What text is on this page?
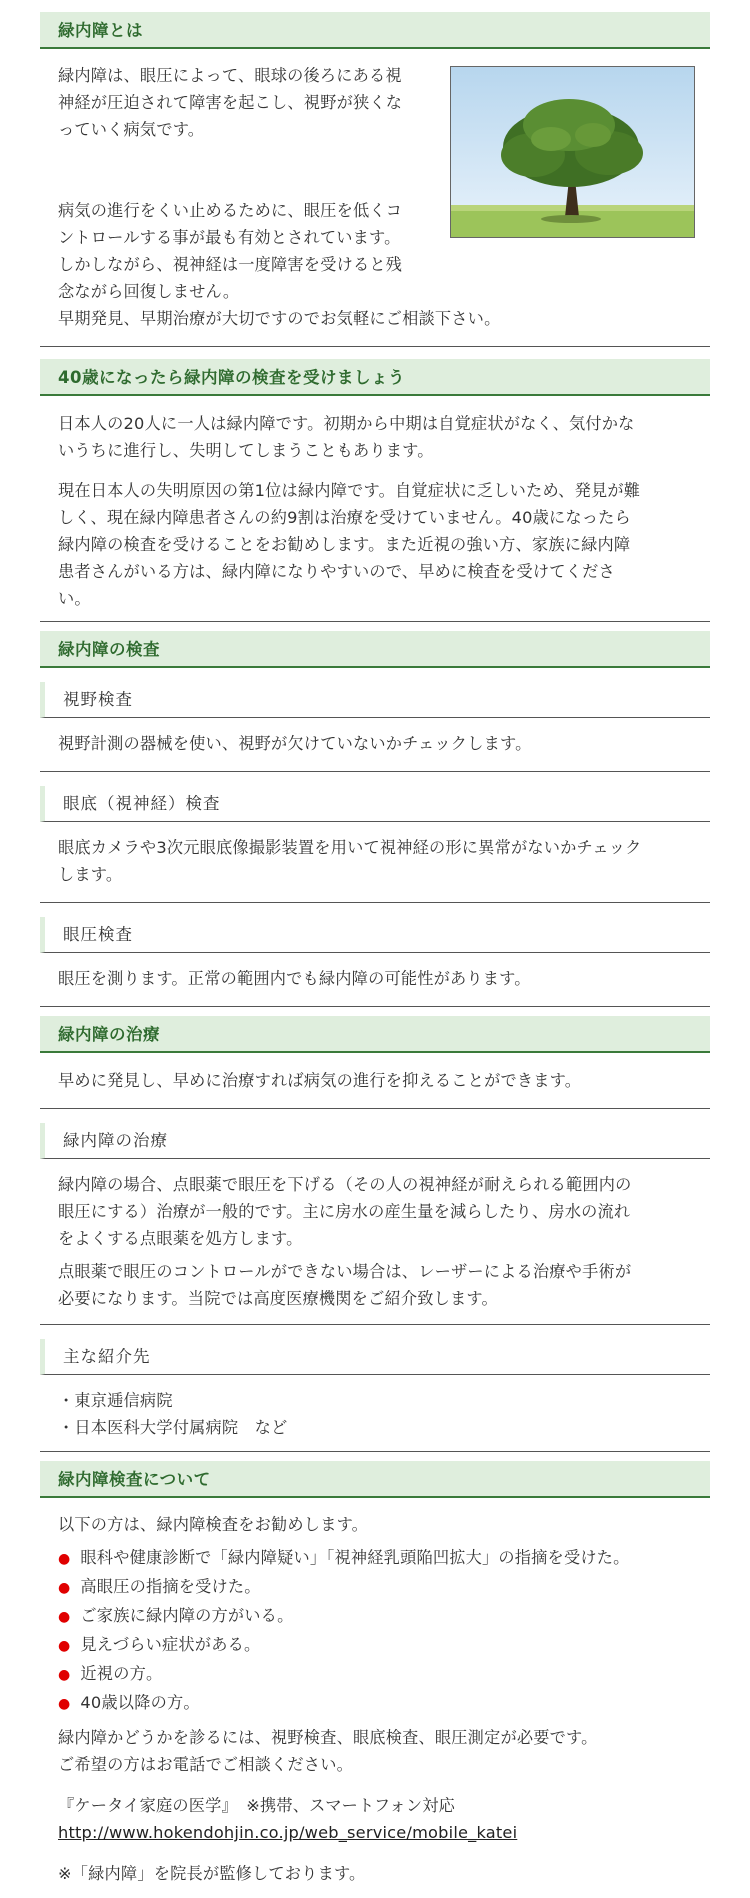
緑内障とは
緑内障は、眼圧によって、眼球の後ろにある視
神経が圧迫されて障害を起こし、視野が狭くな
っていく病気です。
病気の進行をくい止めるために、眼圧を低くコ
ントロールする事が最も有効とされています。
しかしながら、視神経は一度障害を受けると残
念ながら回復しません。
早期発見、早期治療が大切ですのでお気軽にご相談下さい。
40歳になったら緑内障の検査を受けましょう

日本人の20人に一人は緑内障です。初期から中期は自覚症状がなく、気付かな
いうちに進行し、失明してしまうこともあります。

現在日本人の失明原因の第1位は緑内障です。自覚症状に乏しいため、発見が難
しく、現在緑内障患者さんの約9割は治療を受けていません。40歳になったら
緑内障の検査を受けることをお勧めします。また近視の強い方、家族に緑内障
患者さんがいる方は、緑内障になりやすいので、早めに検査を受けてくださ
い。

緑内障の検査
視野検査

視野計測の器械を使い、視野が欠けていないかチェックします。

眼底（視神経）検査

眼底カメラや3次元眼底像撮影装置を用いて視神経の形に異常がないかチェック
します。

眼圧検査

眼圧を測ります。正常の範囲内でも緑内障の可能性があります。

緑内障の治療

早めに発見し、早めに治療すれば病気の進行を抑えることができます。

緑内障の治療

緑内障の場合、点眼薬で眼圧を下げる（その人の視神経が耐えられる範囲内の
眼圧にする）治療が一般的です。主に房水の産生量を減らしたり、房水の流れ
をよくする点眼薬を処方します。

点眼薬で眼圧のコントロールができない場合は、レーザーによる治療や手術が
必要になります。当院では高度医療機関をご紹介致します。

主な紹介先
・東京逓信病院
・日本医科大学付属病院　など
緑内障検査について

以下の方は、緑内障検査をお勧めします。

● 眼科や健康診断で「緑内障疑い」「視神経乳頭陥凹拡大」の指摘を受けた。
● 高眼圧の指摘を受けた。
● ご家族に緑内障の方がいる。
● 見えづらい症状がある。
● 近視の方。
● 40歳以降の方。

緑内障かどうかを診るには、視野検査、眼底検査、眼圧測定が必要です。
ご希望の方はお電話でご相談ください。

『ケータイ家庭の医学』　※携帯、スマートフォン対応
http://www.hokendohjin.co.jp/web_service/mobile_katei

※「緑内障」を院長が監修しております。
